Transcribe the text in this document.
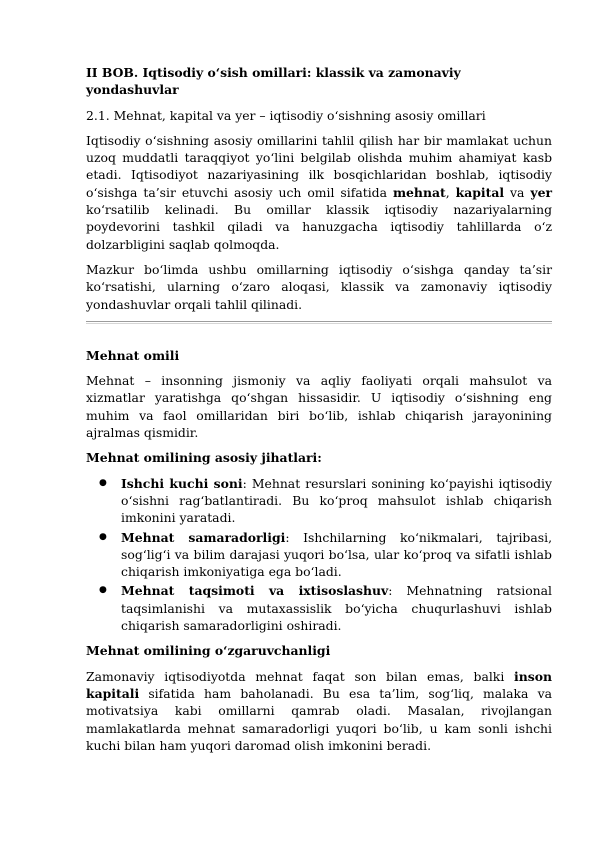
II BOB. Iqtisodiy o‘sish omillari: klassik va zamonaviy yondashuvlar

2.1. Mehnat, kapital va yer – iqtisodiy o‘sishning asosiy omillari

Iqtisodiy o‘sishning asosiy omillarini tahlil qilish har bir mamlakat uchun uzoq muddatli taraqqiyot yo‘lini belgilab olishda muhim ahamiyat kasb etadi. Iqtisodiyot nazariyasining ilk bosqichlaridan boshlab, iqtisodiy o‘sishga ta’sir etuvchi asosiy uch omil sifatida mehnat, kapital va yer ko‘rsatilib kelinadi. Bu omillar klassik iqtisodiy nazariyalarning poydevorini tashkil qiladi va hanuzgacha iqtisodiy tahlillarda o‘z dolzarbligini saqlab qolmoqda.

Mazkur bo‘limda ushbu omillarning iqtisodiy o‘sishga qanday ta’sir ko‘rsatishi, ularning o‘zaro aloqasi, klassik va zamonaviy iqtisodiy yondashuvlar orqali tahlil qilinadi.

Mehnat omili

Mehnat – insonning jismoniy va aqliy faoliyati orqali mahsulot va xizmatlar yaratishga qo‘shgan hissasidir. U iqtisodiy o‘sishning eng muhim va faol omillaridan biri bo‘lib, ishlab chiqarish jarayonining ajralmas qismidir.

Mehnat omilining asosiy jihatlari:

● Ishchi kuchi soni: Mehnat resurslari sonining ko‘payishi iqtisodiy o‘sishni rag‘batlantiradi. Bu ko‘proq mahsulot ishlab chiqarish imkonini yaratadi.
● Mehnat samaradorligi: Ishchilarning ko‘nikmalari, tajribasi, sog‘lig‘i va bilim darajasi yuqori bo‘lsa, ular ko‘proq va sifatli ishlab chiqarish imkoniyatiga ega bo‘ladi.
● Mehnat taqsimoti va ixtisoslashuv: Mehnatning ratsional taqsimlanishi va mutaxassislik bo‘yicha chuqurlashuvi ishlab chiqarish samaradorligini oshiradi.

Mehnat omilining o‘zgaruvchanligi

Zamonaviy iqtisodiyotda mehnat faqat son bilan emas, balki inson kapitali sifatida ham baholanadi. Bu esa ta’lim, sog‘liq, malaka va motivatsiya kabi omillarni qamrab oladi. Masalan, rivojlangan mamlakatlarda mehnat samaradorligi yuqori bo‘lib, u kam sonli ishchi kuchi bilan ham yuqori daromad olish imkonini beradi.
